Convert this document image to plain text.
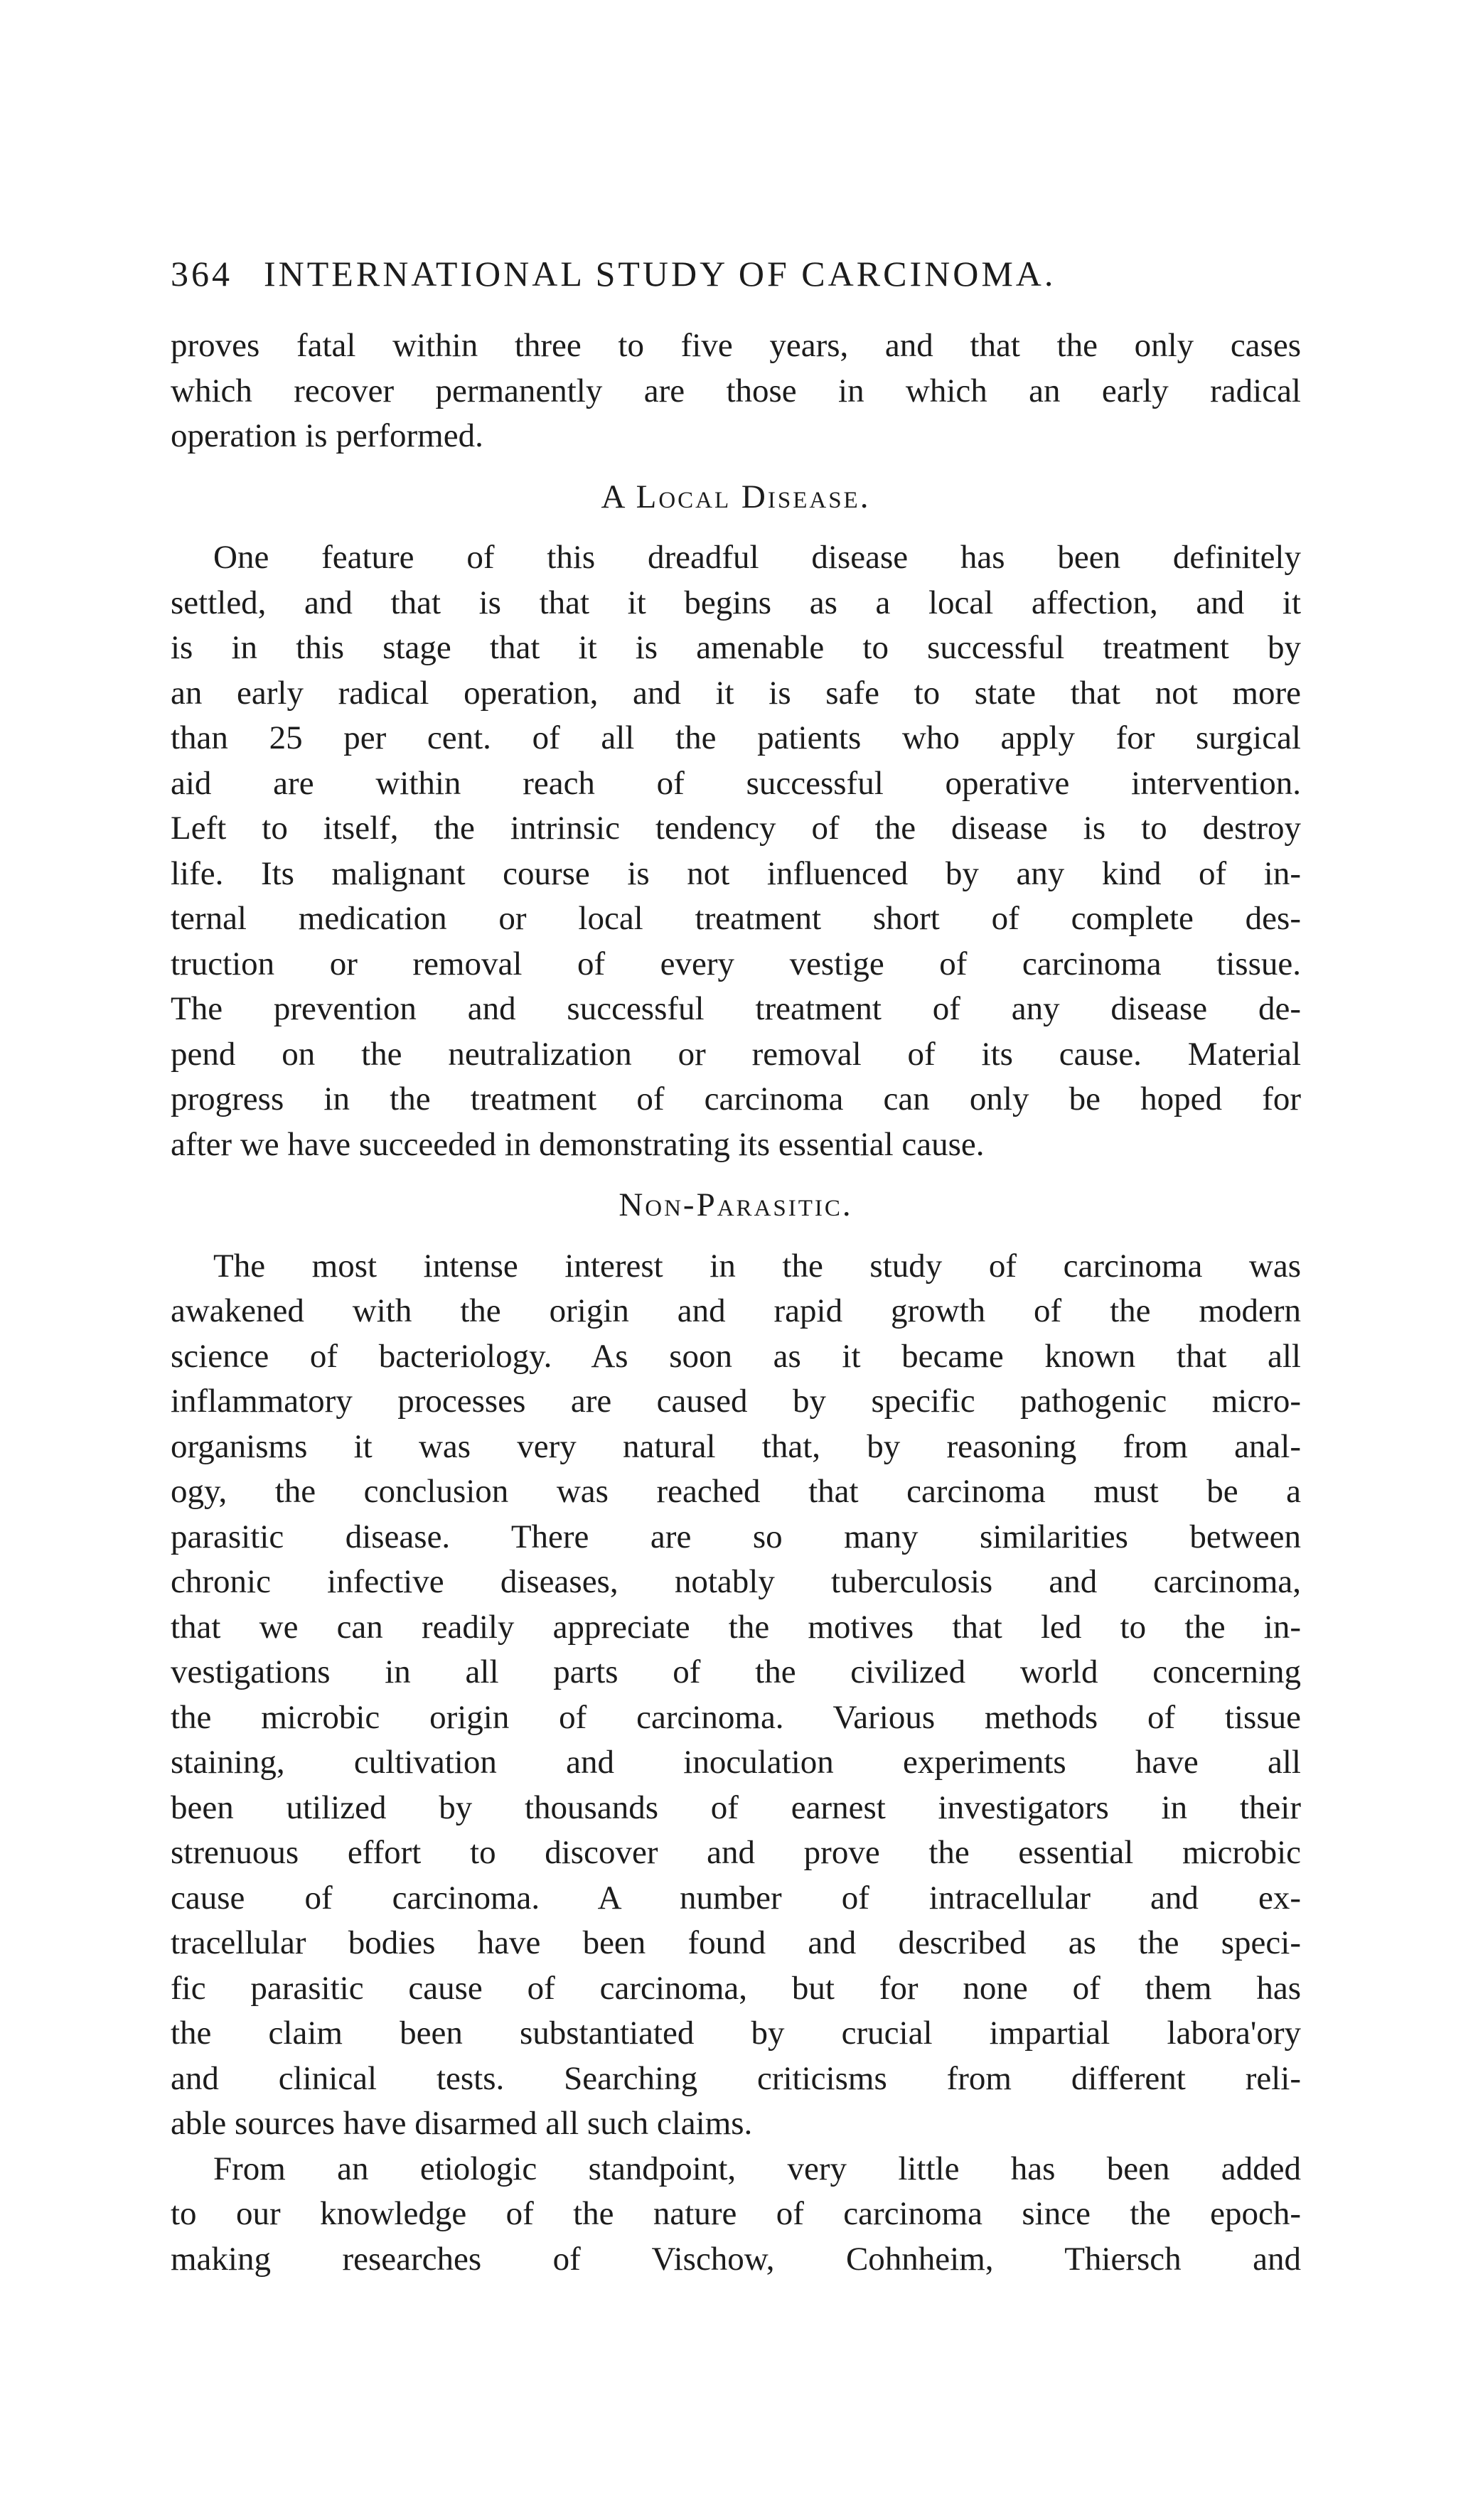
364 INTERNATIONAL STUDY OF CARCINOMA.

proves fatal within three to five years, and that the only cases

which recover permanently are those in which an early radical

operation is performed.

A Local Disease.

One feature of this dreadful disease has been definitely

settled, and that is that it begins as a local affection, and it

is in this stage that it is amenable to successful treatment by

an early radical operation, and it is safe to state that not more

than 25 per cent. of all the patients who apply for surgical

aid are within reach of successful operative intervention.

Left to itself, the intrinsic tendency of the disease is to destroy

life. Its malignant course is not influenced by any kind of in-

ternal medication or local treatment short of complete des-

truction or removal of every vestige of carcinoma tissue.

The prevention and successful treatment of any disease de-

pend on the neutralization or removal of its cause. Material

progress in the treatment of carcinoma can only be hoped for

after we have succeeded in demonstrating its essential cause.

Non-Parasitic.

The most intense interest in the study of carcinoma was

awakened with the origin and rapid growth of the modern

science of bacteriology. As soon as it became known that all

inflammatory processes are caused by specific pathogenic micro-

organisms it was very natural that, by reasoning from anal-

ogy, the conclusion was reached that carcinoma must be a

parasitic disease. There are so many similarities between

chronic infective diseases, notably tuberculosis and carcinoma,

that we can readily appreciate the motives that led to the in-

vestigations in all parts of the civilized world concerning

the microbic origin of carcinoma. Various methods of tissue

staining, cultivation and inoculation experiments have all

been utilized by thousands of earnest investigators in their

strenuous effort to discover and prove the essential microbic

cause of carcinoma. A number of intracellular and ex-

tracellular bodies have been found and described as the speci-

fic parasitic cause of carcinoma, but for none of them has

the claim been substantiated by crucial impartial labora'ory

and clinical tests. Searching criticisms from different reli-

able sources have disarmed all such claims.

From an etiologic standpoint, very little has been added

to our knowledge of the nature of carcinoma since the epoch-

making researches of Vischow, Cohnheim, Thiersch and
